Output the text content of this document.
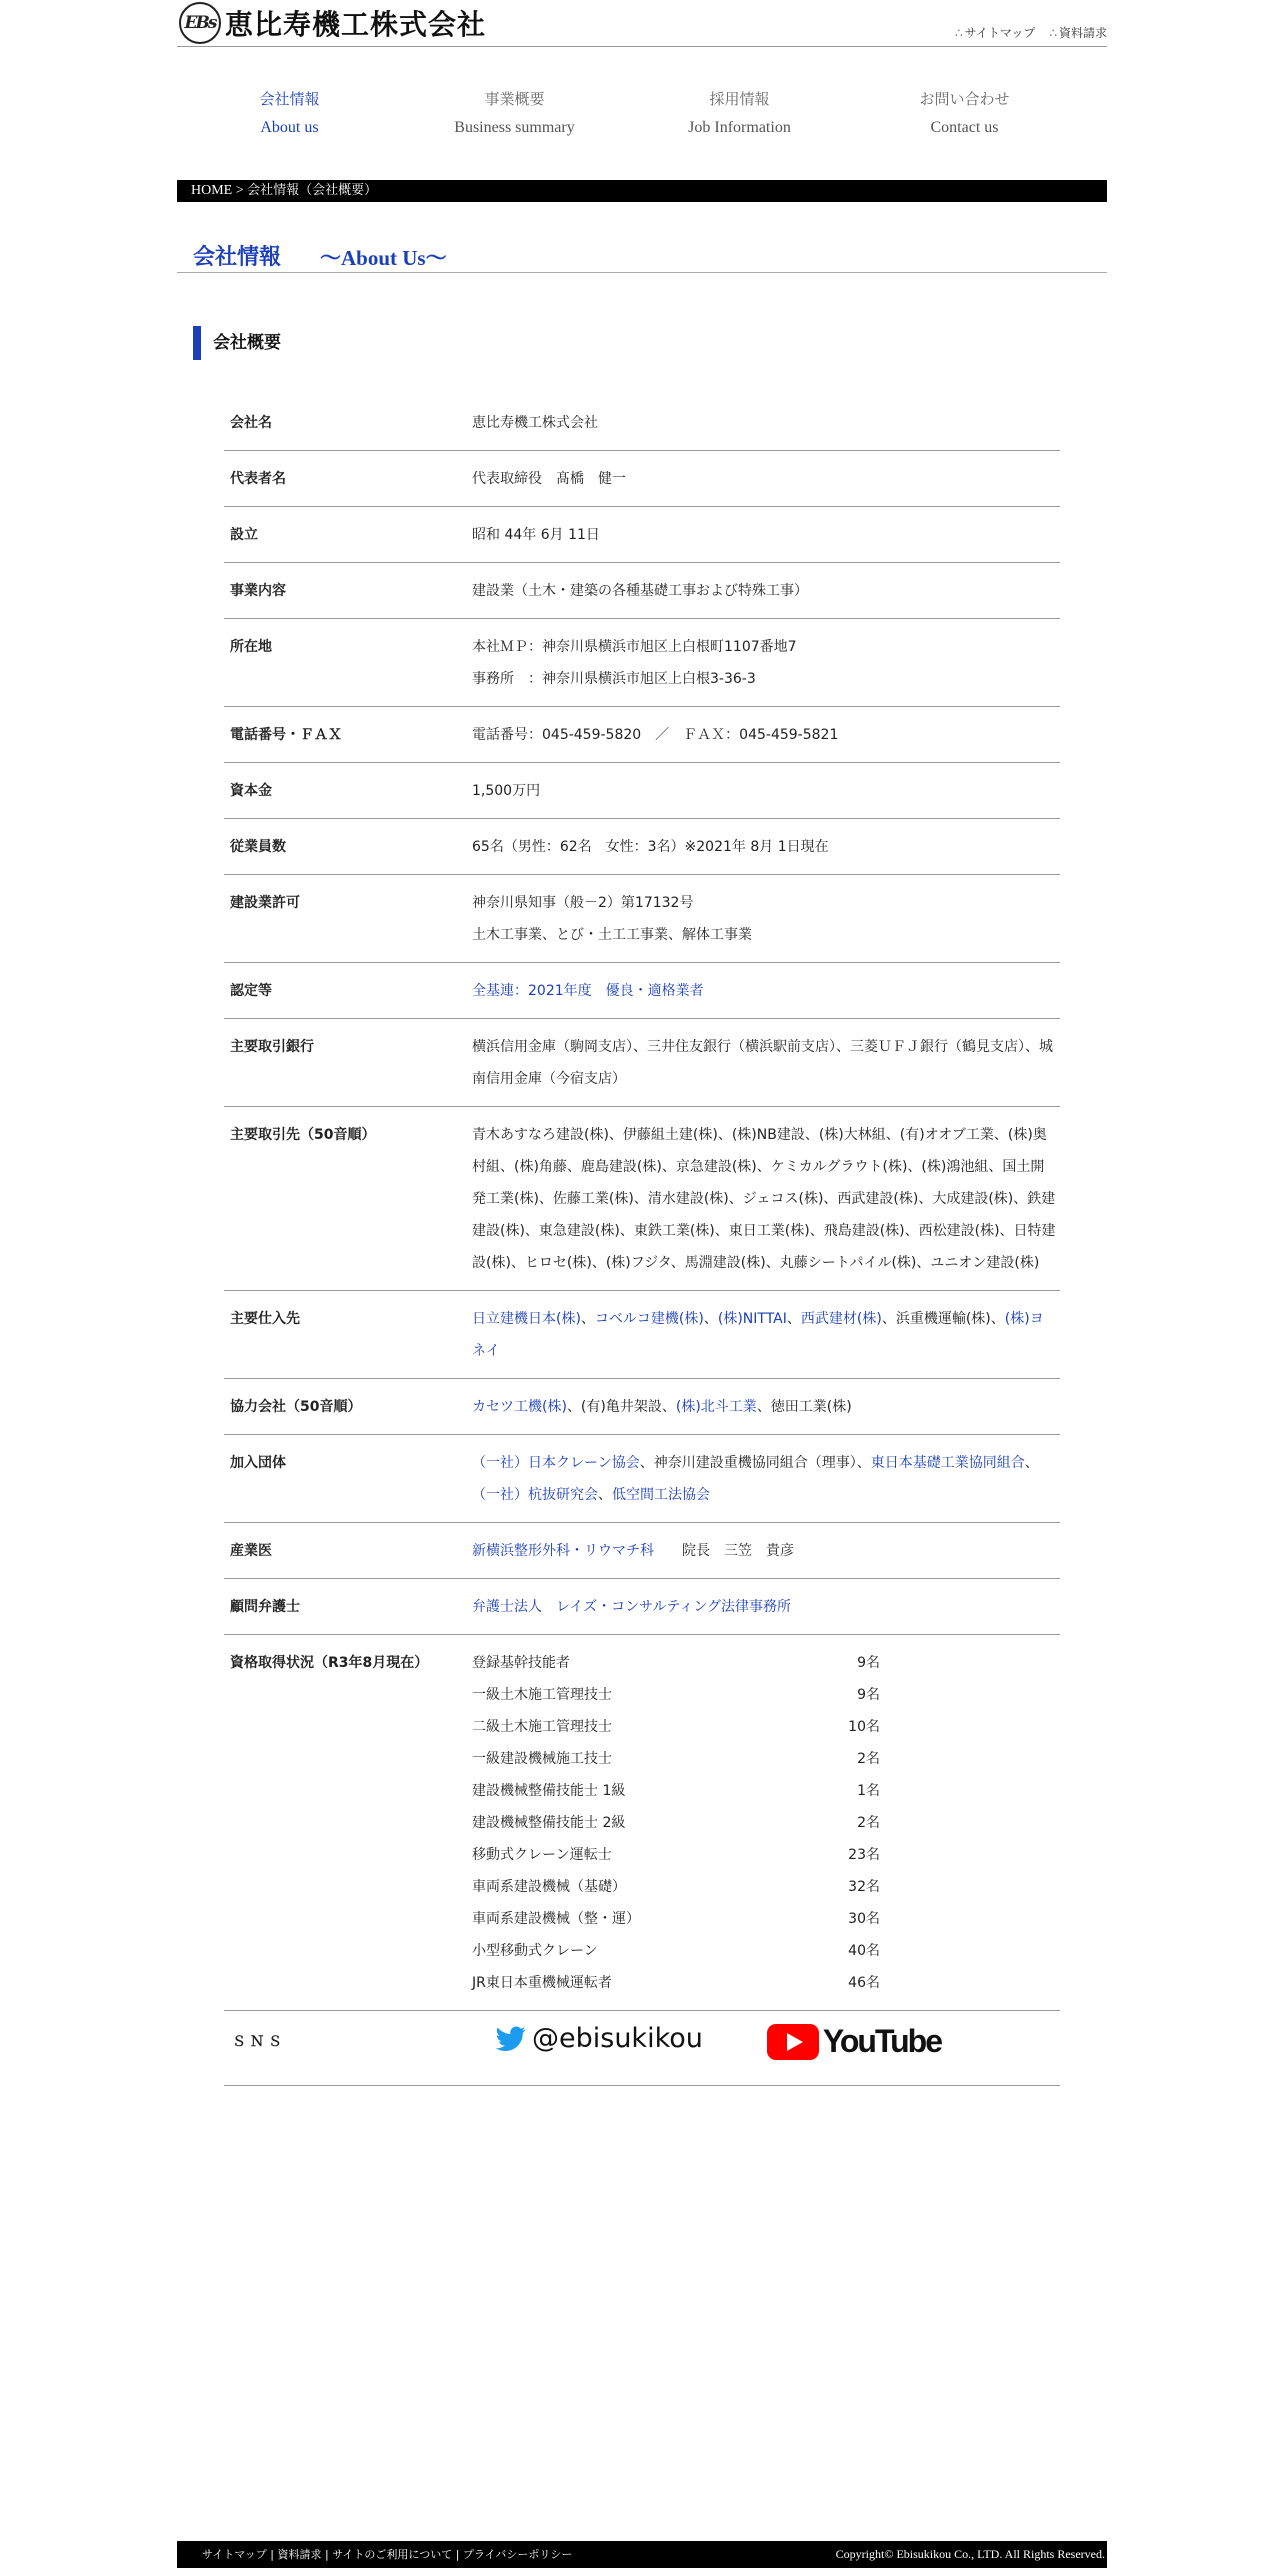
EBs 恵比寿機工株式会社	∴ サイトマップ ∴ 資料請求
会社情報
About us
事業概要
Business summary
採用情報
Job Information
お問い合わせ
Contact us
HOME > 会社情報（会社概要）
会社情報 ～About Us～
会社概要
会社名	恵比寿機工株式会社
代表者名	代表取締役　髙橋　健一
設立	昭和 44年 6月 11日
事業内容	建設業（土木・建築の各種基礎工事および特殊工事）
所在地	本社ＭＰ：神奈川県横浜市旭区上白根町1107番地7
事務所　：神奈川県横浜市旭区上白根3-36-3
電話番号・ＦＡＸ	電話番号：045-459-5820　／　ＦＡＸ：045-459-5821
資本金	1,500万円
従業員数	65名（男性：62名　女性：3名）※2021年 8月 1日現在
建設業許可	神奈川県知事（般－2）第17132号
土木工事業、とび・土工工事業、解体工事業
認定等	全基連：2021年度　優良・適格業者
主要取引銀行	横浜信用金庫（駒岡支店）、三井住友銀行（横浜駅前支店）、三菱ＵＦＪ銀行（鶴見支店）、城南信用金庫（今宿支店）
主要取引先（50音順）	青木あすなろ建設(株)、伊藤組土建(株)、(株)NB建設、(株)大林組、(有)オオブ工業、(株)奥村組、(株)角藤、鹿島建設(株)、京急建設(株)、ケミカルグラウト(株)、(株)鴻池組、国土開発工業(株)、佐藤工業(株)、清水建設(株)、ジェコス(株)、西武建設(株)、大成建設(株)、鉄建建設(株)、東急建設(株)、東鉄工業(株)、東日工業(株)、飛島建設(株)、西松建設(株)、日特建設(株)、ヒロセ(株)、(株)フジタ、馬淵建設(株)、丸藤シートパイル(株)、ユニオン建設(株)
主要仕入先	日立建機日本(株)、コベルコ建機(株)、(株)NITTAI、西武建材(株)、浜重機運輸(株)、(株)ヨネイ
協力会社（50音順）	カセツ工機(株)、(有)亀井架設、(株)北斗工業、徳田工業(株)
加入団体	（一社）日本クレーン協会、神奈川建設重機協同組合（理事）、東日本基礎工業協同組合、（一社）杭抜研究会、低空間工法協会
産業医	新横浜整形外科・リウマチ科　　院長　三笠　貴彦
顧問弁護士	弁護士法人　レイズ・コンサルティング法律事務所
資格取得状況（R3年8月現在）	登録基幹技能者	9名
一級土木施工管理技士	9名
二級土木施工管理技士	10名
一級建設機械施工技士	2名
建設機械整備技能士 1級	1名
建設機械整備技能士 2級	2名
移動式クレーン運転士	23名
車両系建設機械（基礎）	32名
車両系建設機械（整・運）	30名
小型移動式クレーン	40名
JR東日本重機械運転者	46名
ＳＮＳ	@ebisukikou	YouTube
サイトマップ | 資料請求 | サイトのご利用について | プライバシーポリシー	Copyright© Ebisukikou Co., LTD. All Rights Reserved.
